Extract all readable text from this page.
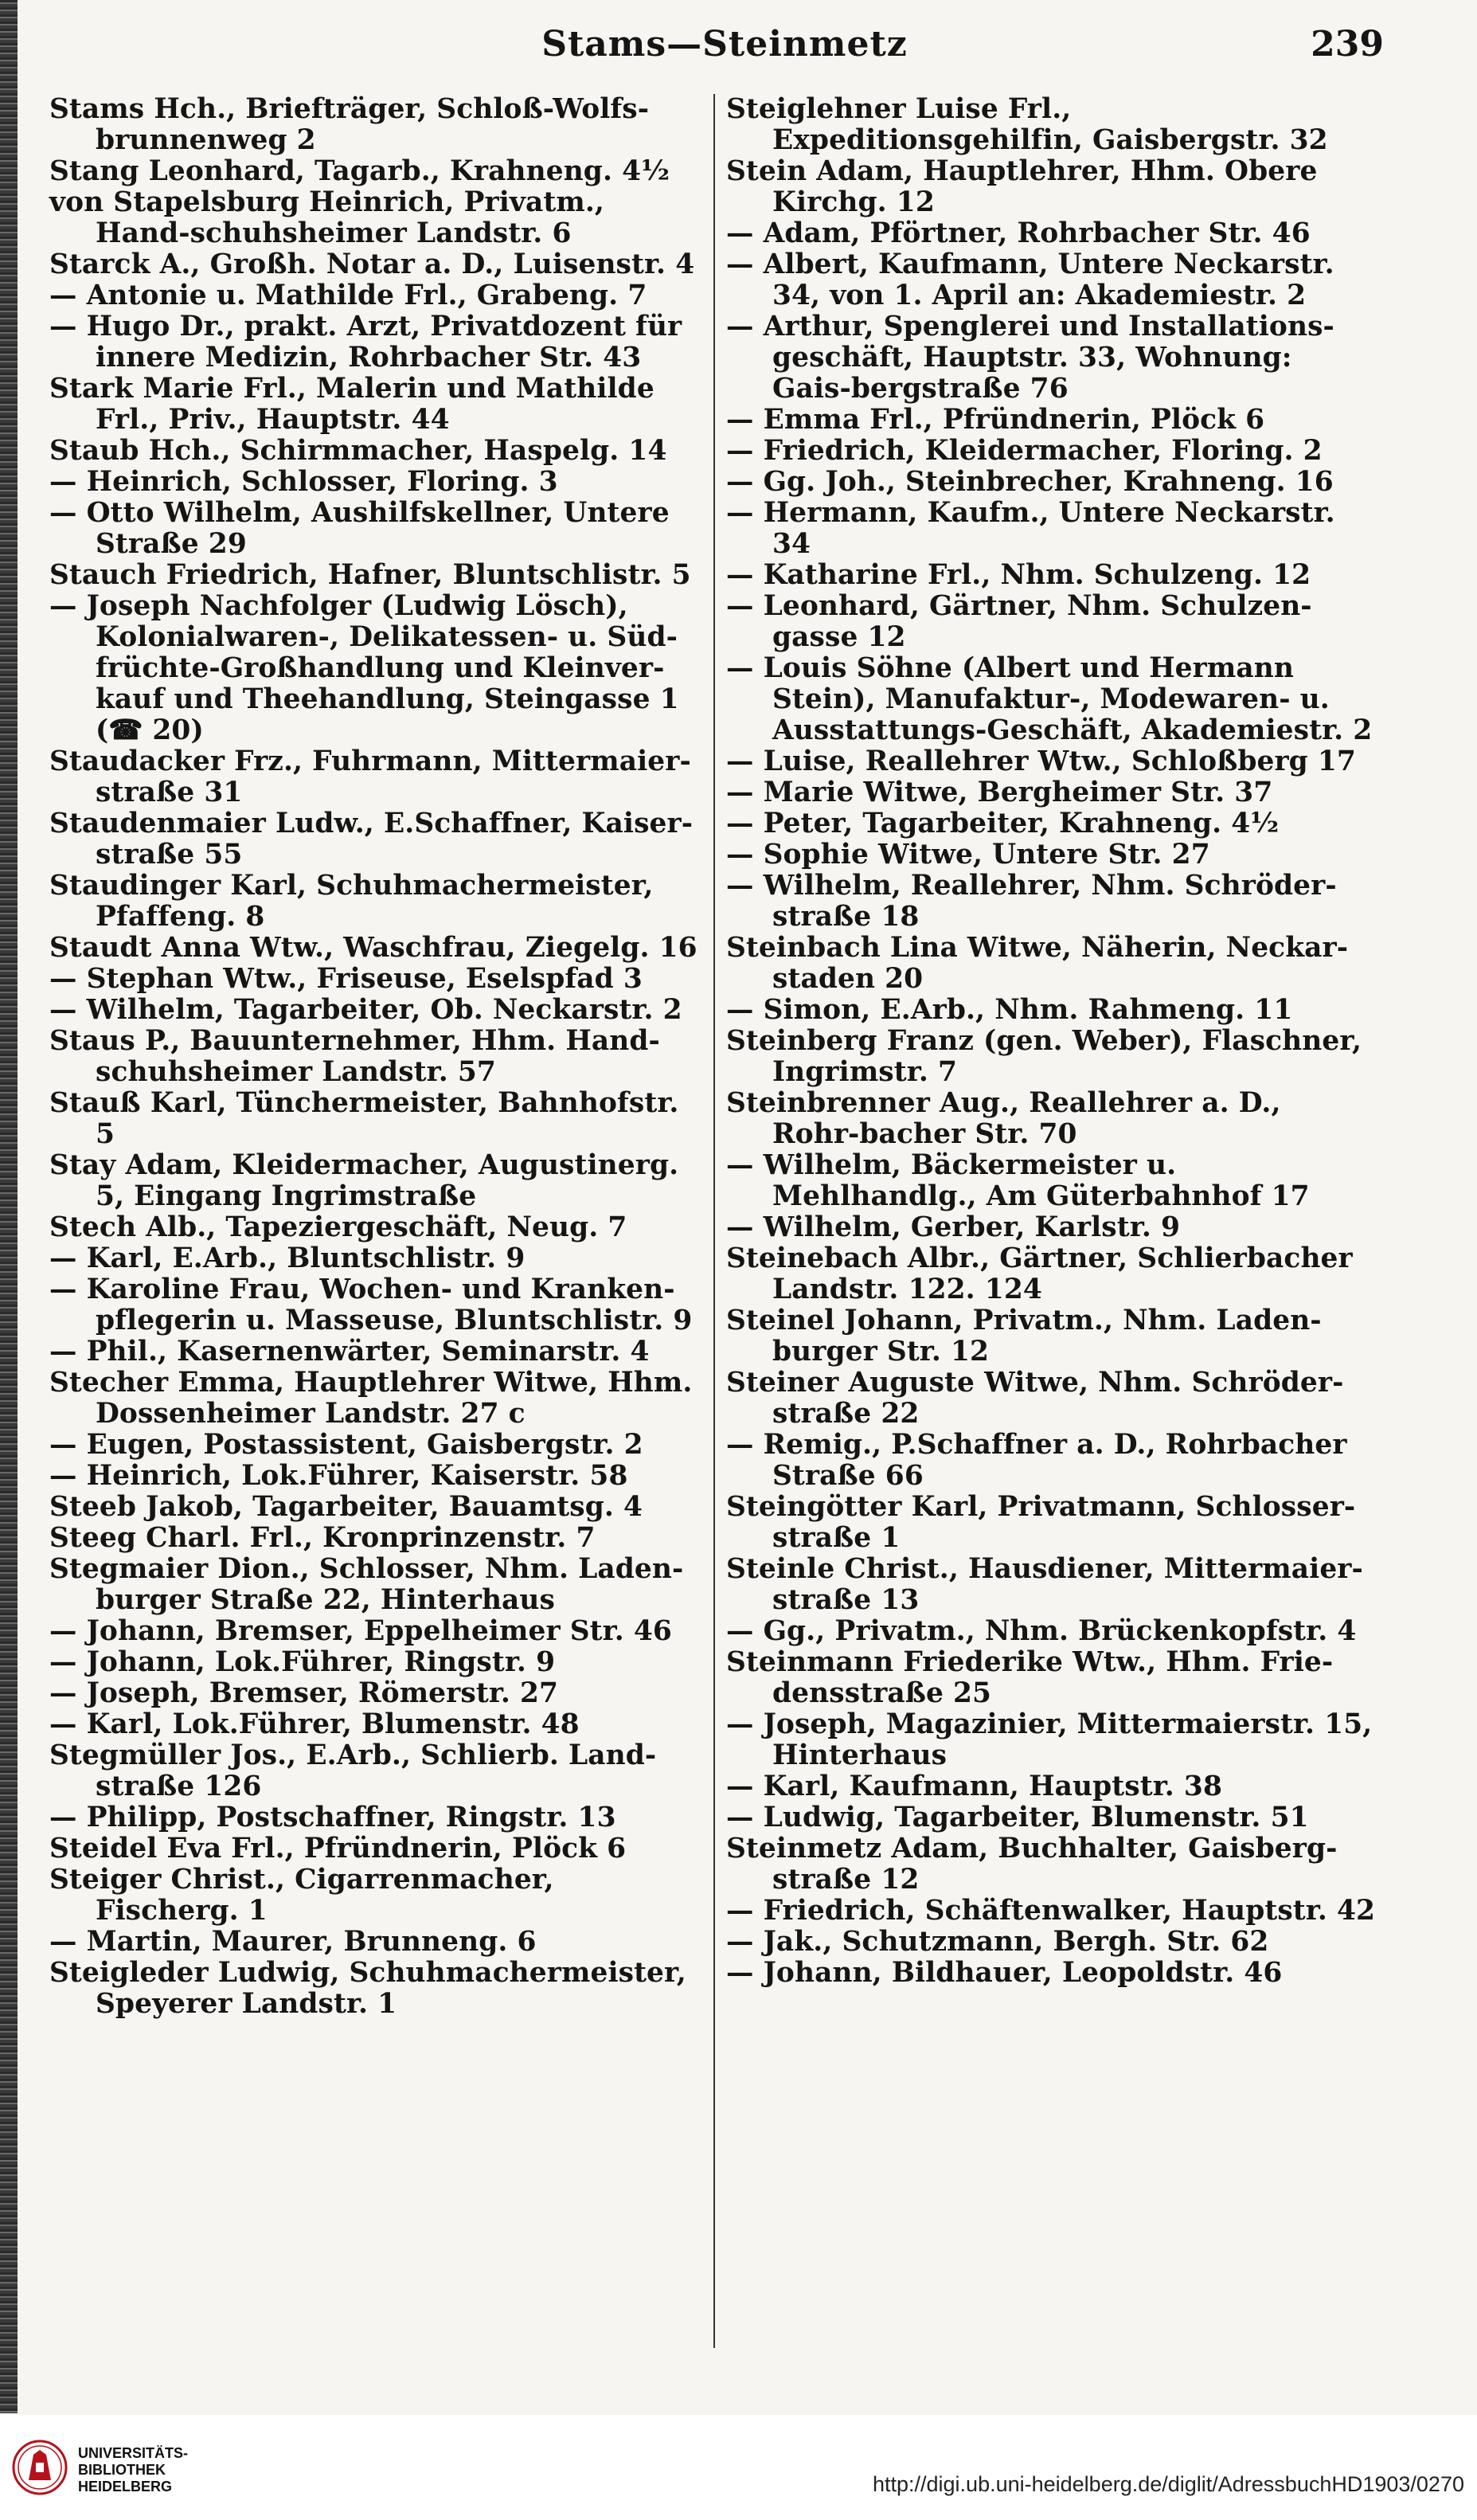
Stams—Steinmetz	239
Stams Hch., Briefträger, Schloß-Wolfs-brunnenweg 2
Stang Leonhard, Tagarb., Krahneng. 4½
von Stapelsburg Heinrich, Privatm., Hand-schuhsheimer Landstr. 6
Starck A., Großh. Notar a. D., Luisenstr. 4
— Antonie u. Mathilde Frl., Grabeng. 7
— Hugo Dr., prakt. Arzt, Privatdozent für innere Medizin, Rohrbacher Str. 43
Stark Marie Frl., Malerin und Mathilde Frl., Priv., Hauptstr. 44
Staub Hch., Schirmmacher, Haspelg. 14
— Heinrich, Schlosser, Floring. 3
— Otto Wilhelm, Aushilfskellner, Untere Straße 29
Stauch Friedrich, Hafner, Bluntschlistr. 5
— Joseph Nachfolger (Ludwig Lösch), Kolonialwaren-, Delikatessen- u. Süd-früchte-Großhandlung und Kleinver-kauf und Theehandlung, Steingasse 1 (☎ 20)
Staudacker Frz., Fuhrmann, Mittermaier-straße 31
Staudenmaier Ludw., E.Schaffner, Kaiser-straße 55
Staudinger Karl, Schuhmachermeister, Pfaffeng. 8
Staudt Anna Wtw., Waschfrau, Ziegelg. 16
— Stephan Wtw., Friseuse, Eselspfad 3
— Wilhelm, Tagarbeiter, Ob. Neckarstr. 2
Staus P., Bauunternehmer, Hhm. Hand-schuhsheimer Landstr. 57
Stauß Karl, Tünchermeister, Bahnhofstr. 5
Stay Adam, Kleidermacher, Augustinerg. 5, Eingang Ingrimstraße
Stech Alb., Tapeziergeschäft, Neug. 7
— Karl, E.Arb., Bluntschlistr. 9
— Karoline Frau, Wochen- und Kranken-pflegerin u. Masseuse, Bluntschlistr. 9
— Phil., Kasernenwärter, Seminarstr. 4
Stecher Emma, Hauptlehrer Witwe, Hhm. Dossenheimer Landstr. 27 c
— Eugen, Postassistent, Gaisbergstr. 2
— Heinrich, Lok.Führer, Kaiserstr. 58
Steeb Jakob, Tagarbeiter, Bauamtsg. 4
Steeg Charl. Frl., Kronprinzenstr. 7
Stegmaier Dion., Schlosser, Nhm. Laden-burger Straße 22, Hinterhaus
— Johann, Bremser, Eppelheimer Str. 46
— Johann, Lok.Führer, Ringstr. 9
— Joseph, Bremser, Römerstr. 27
— Karl, Lok.Führer, Blumenstr. 48
Stegmüller Jos., E.Arb., Schlierb. Land-straße 126
— Philipp, Postschaffner, Ringstr. 13
Steidel Eva Frl., Pfründnerin, Plöck 6
Steiger Christ., Cigarrenmacher, Fischerg. 1
— Martin, Maurer, Brunneng. 6
Steigleder Ludwig, Schuhmachermeister, Speyerer Landstr. 1
Steiglehner Luise Frl., Expeditionsgehilfin, Gaisbergstr. 32
Stein Adam, Hauptlehrer, Hhm. Obere Kirchg. 12
— Adam, Pförtner, Rohrbacher Str. 46
— Albert, Kaufmann, Untere Neckarstr. 34, von 1. April an: Akademiestr. 2
— Arthur, Spenglerei und Installations-geschäft, Hauptstr. 33, Wohnung: Gais-bergstraße 76
— Emma Frl., Pfründnerin, Plöck 6
— Friedrich, Kleidermacher, Floring. 2
— Gg. Joh., Steinbrecher, Krahneng. 16
— Hermann, Kaufm., Untere Neckarstr. 34
— Katharine Frl., Nhm. Schulzeng. 12
— Leonhard, Gärtner, Nhm. Schulzen-gasse 12
— Louis Söhne (Albert und Hermann Stein), Manufaktur-, Modewaren- u. Ausstattungs-Geschäft, Akademiestr. 2
— Luise, Reallehrer Wtw., Schloßberg 17
— Marie Witwe, Bergheimer Str. 37
— Peter, Tagarbeiter, Krahneng. 4½
— Sophie Witwe, Untere Str. 27
— Wilhelm, Reallehrer, Nhm. Schröder-straße 18
Steinbach Lina Witwe, Näherin, Neckar-staden 20
— Simon, E.Arb., Nhm. Rahmeng. 11
Steinberg Franz (gen. Weber), Flaschner, Ingrimstr. 7
Steinbrenner Aug., Reallehrer a. D., Rohr-bacher Str. 70
— Wilhelm, Bäckermeister u. Mehlhandlg., Am Güterbahnhof 17
— Wilhelm, Gerber, Karlstr. 9
Steinebach Albr., Gärtner, Schlierbacher Landstr. 122. 124
Steinel Johann, Privatm., Nhm. Laden-burger Str. 12
Steiner Auguste Witwe, Nhm. Schröder-straße 22
— Remig., P.Schaffner a. D., Rohrbacher Straße 66
Steingötter Karl, Privatmann, Schlosser-straße 1
Steinle Christ., Hausdiener, Mittermaier-straße 13
— Gg., Privatm., Nhm. Brückenkopfstr. 4
Steinmann Friederike Wtw., Hhm. Frie-densstraße 25
— Joseph, Magazinier, Mittermaierstr. 15, Hinterhaus
— Karl, Kaufmann, Hauptstr. 38
— Ludwig, Tagarbeiter, Blumenstr. 51
Steinmetz Adam, Buchhalter, Gaisberg-straße 12
— Friedrich, Schäftenwalker, Hauptstr. 42
— Jak., Schutzmann, Bergh. Str. 62
— Johann, Bildhauer, Leopoldstr. 46
UNIVERSITÄTS-
BIBLIOTHEK
HEIDELBERG	http://digi.ub.uni-heidelberg.de/diglit/AdressbuchHD1903/0270
